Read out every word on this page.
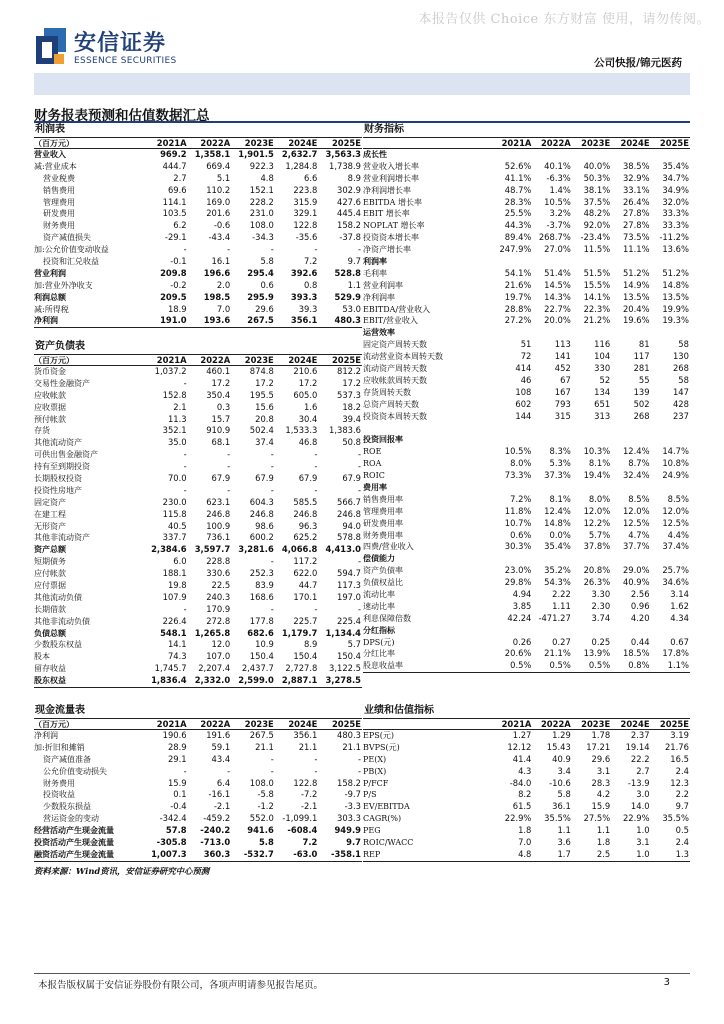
本报告仅供 Choice 东方财富 使用，请勿传阅。
安信证券
ESSENCE SECURITIES	公司快报/锦元医药
财务报表预测和估值数据汇总
利润表
（百万元）	2021A	2022A	2023E	2024E	2025E
营业收入	969.2 1,358.1 1,901.5 2,632.7 3,563.3
减:营业成本	444.7	669.4	922.3	1,284.8	1,738.9
营业税费	2.7	5.1	4.8	6.6	8.9
销售费用	69.6	110.2	152.1	223.8	302.9
管理费用	114.1	169.0	228.2	315.9	427.6
研发费用	103.5	201.6	231.0	329.1	445.4
财务费用	6.2	-0.6	108.0	122.8	158.2
资产减值损失	-29.1	-43.4	-34.3	-35.6	-37.8
加:公允价值变动收益	-	-	-	-	-
投资和汇兑收益	-0.1	16.1	5.8	7.2	9.7
营业利润	209.8	196.6	295.4	392.6	528.8
加:营业外净收支	-0.2	2.0	0.6	0.8	1.1
利润总额	209.5	198.5	295.9	393.3	529.9
减:所得税	18.9	7.0	29.6	39.3	53.0
净利润	191.0	193.6	267.5	356.1	480.3
资产负债表
（百万元）	2021A	2022A	2023E	2024E	2025E
货币资金	1,037.2	460.1	874.8	210.6	812.2
交易性金融资产	-	17.2	17.2	17.2	17.2
应收帐款	152.8	350.4	195.5	605.0	537.3
应收票据	2.1	0.3	15.6	1.6	18.2
预付帐款	11.3	15.7	20.8	30.4	39.4
存货	352.1	910.9	502.4	1,533.3	1,383.6
其他流动资产	35.0	68.1	37.4	46.8	50.8
可供出售金融资产	-	-	-	-	-
持有至到期投资	-	-	-	-	-
长期股权投资	70.0	67.9	67.9	67.9	67.9
投资性房地产	-	-	-	-	-
固定资产	230.0	623.1	604.3	585.5	566.7
在建工程	115.8	246.8	246.8	246.8	246.8
无形资产	40.5	100.9	98.6	96.3	94.0
其他非流动资产	337.7	736.1	600.2	625.2	578.8
资产总额	2,384.6 3,597.7 3,281.6 4,066.8 4,413.0
短期债务	6.0	228.8	-	117.2	-
应付帐款	188.1	330.6	252.3	622.0	594.7
应付票据	19.8	22.5	83.9	44.7	117.3
其他流动负债	107.9	240.3	168.6	170.1	197.0
长期借款	-	170.9	-	-	-
其他非流动负债	226.4	272.8	177.8	225.7	225.4
负债总额	548.1 1,265.8	682.6 1,179.7 1,134.4
少数股东权益	14.1	12.0	10.9	8.9	5.7
股本	74.3	107.0	150.4	150.4	150.4
留存收益	1,745.7	2,207.4	2,437.7	2,727.8	3,122.5
股东权益	1,836.4 2,332.0 2,599.0 2,887.1 3,278.5
现金流量表
（百万元）	2021A	2022A	2023E	2024E	2025E
净利润	190.6	191.6	267.5	356.1	480.3
加:折旧和摊销	28.9	59.1	21.1	21.1	21.1
资产减值准备	29.1	43.4	-	-	-
公允价值变动损失	-	-	-	-	-
财务费用	15.9	6.4	108.0	122.8	158.2
投资收益	0.1	-16.1	-5.8	-7.2	-9.7
少数股东损益	-0.4	-2.1	-1.2	-2.1	-3.3
营运资金的变动	-342.4	-459.2	552.0	-1,099.1	303.3
经营活动产生现金流量	57.8	-240.2	941.6	-608.4	949.9
投资活动产生现金流量	-305.8	-713.0	5.8	7.2	9.7
融资活动产生现金流量	1,007.3	360.3	-532.7	-63.0	-358.1
财务指标
2021A	2022A	2023E	2024E	2025E
成长性
营业收入增长率	52.6%	40.1%	40.0%	38.5%	35.4%
营业利润增长率	41.1%	-6.3%	50.3%	32.9%	34.7%
净利润增长率	48.7%	1.4%	38.1%	33.1%	34.9%
EBITDA 增长率	28.3%	10.5%	37.5%	26.4%	32.0%
EBIT 增长率	25.5%	3.2%	48.2%	27.8%	33.3%
NOPLAT 增长率	44.3%	-3.7%	92.0%	27.8%	33.3%
投资资本增长率	89.4% 268.7%	-23.4%	73.5%	-11.2%
净资产增长率	247.9%	27.0%	11.5%	11.1%	13.6%
利润率
毛利率	54.1%	51.4%	51.5%	51.2%	51.2%
营业利润率	21.6%	14.5%	15.5%	14.9%	14.8%
净利润率	19.7%	14.3%	14.1%	13.5%	13.5%
EBITDA/营业收入	28.8%	22.7%	22.3%	20.4%	19.9%
EBIT/营业收入	27.2%	20.0%	21.2%	19.6%	19.3%
运营效率
固定资产周转天数	51	113	116	81	58
流动营业资本周转天数	72	141	104	117	130
流动资产周转天数	414	452	330	281	268
应收帐款周转天数	46	67	52	55	58
存货周转天数	108	167	134	139	147
总资产周转天数	602	793	651	502	428
投资资本周转天数	144	315	313	268	237
投资回报率
ROE	10.5%	8.3%	10.3%	12.4%	14.7%
ROA	8.0%	5.3%	8.1%	8.7%	10.8%
ROIC	73.3%	37.3%	19.4%	32.4%	24.9%
费用率
销售费用率	7.2%	8.1%	8.0%	8.5%	8.5%
管理费用率	11.8%	12.4%	12.0%	12.0%	12.0%
研发费用率	10.7%	14.8%	12.2%	12.5%	12.5%
财务费用率	0.6%	0.0%	5.7%	4.7%	4.4%
四费/营业收入	30.3%	35.4%	37.8%	37.7%	37.4%
偿债能力
资产负债率	23.0%	35.2%	20.8%	29.0%	25.7%
负债权益比	29.8%	54.3%	26.3%	40.9%	34.6%
流动比率	4.94	2.22	3.30	2.56	3.14
速动比率	3.85	1.11	2.30	0.96	1.62
利息保障倍数	42.24 -471.27	3.74	4.20	4.34
分红指标
DPS(元)	0.26	0.27	0.25	0.44	0.67
分红比率	20.6%	21.1%	13.9%	18.5%	17.8%
股息收益率	0.5%	0.5%	0.5%	0.8%	1.1%
业绩和估值指标
2021A	2022A	2023E	2024E	2025E
EPS(元)	1.27	1.29	1.78	2.37	3.19
BVPS(元)	12.12	15.43	17.21	19.14	21.76
PE(X)	41.4	40.9	29.6	22.2	16.5
PB(X)	4.3	3.4	3.1	2.7	2.4
P/FCF	-84.0	-10.6	28.3	-13.9	12.3
P/S	8.2	5.8	4.2	3.0	2.2
EV/EBITDA	61.5	36.1	15.9	14.0	9.7
CAGR(%)	22.9%	35.5%	27.5%	22.9%	35.5%
PEG	1.8	1.1	1.1	1.0	0.5
ROIC/WACC	7.0	3.6	1.8	3.1	2.4
REP	4.8	1.7	2.5	1.0	1.3
资料来源：Wind资讯，安信证券研究中心预测
本报告版权属于安信证券股份有限公司，各项声明请参见报告尾页。	3
